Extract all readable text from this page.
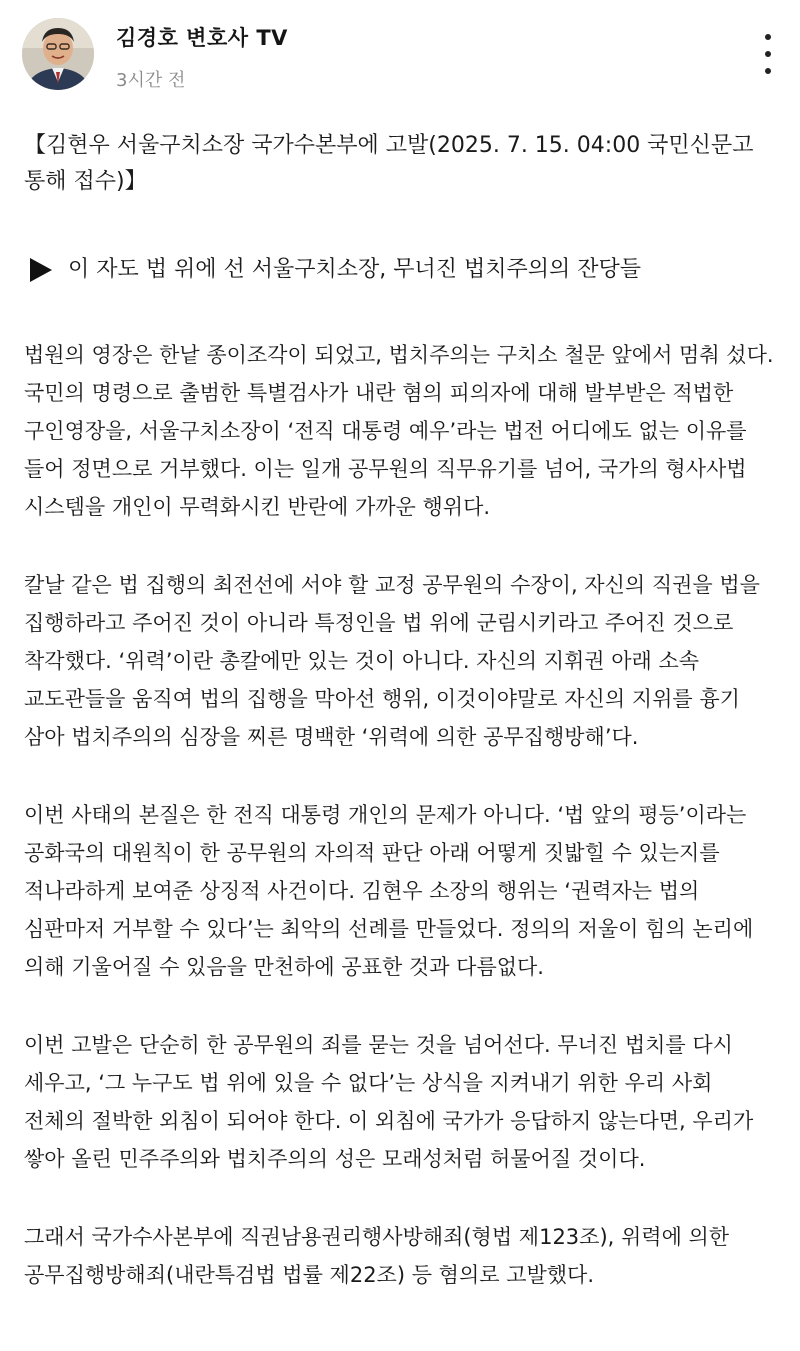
김경호 변호사 TV
3시간 전

【김현우 서울구치소장 국가수본부에 고발(2025. 7. 15. 04:00 국민신문고 통해 접수)】

이 자도 법 위에 선 서울구치소장, 무너진 법치주의의 잔당들

법원의 영장은 한낱 종이조각이 되었고, 법치주의는 구치소 철문 앞에서 멈춰 섰다. 국민의 명령으로 출범한 특별검사가 내란 혐의 피의자에 대해 발부받은 적법한 구인영장을, 서울구치소장이 ‘전직 대통령 예우’라는 법전 어디에도 없는 이유를 들어 정면으로 거부했다. 이는 일개 공무원의 직무유기를 넘어, 국가의 형사사법 시스템을 개인이 무력화시킨 반란에 가까운 행위다.

칼날 같은 법 집행의 최전선에 서야 할 교정 공무원의 수장이, 자신의 직권을 법을 집행하라고 주어진 것이 아니라 특정인을 법 위에 군림시키라고 주어진 것으로 착각했다. ‘위력’이란 총칼에만 있는 것이 아니다. 자신의 지휘권 아래 소속 교도관들을 움직여 법의 집행을 막아선 행위, 이것이야말로 자신의 지위를 흉기 삼아 법치주의의 심장을 찌른 명백한 ‘위력에 의한 공무집행방해’다.

이번 사태의 본질은 한 전직 대통령 개인의 문제가 아니다. ‘법 앞의 평등’이라는 공화국의 대원칙이 한 공무원의 자의적 판단 아래 어떻게 짓밟힐 수 있는지를 적나라하게 보여준 상징적 사건이다. 김현우 소장의 행위는 ‘권력자는 법의 심판마저 거부할 수 있다’는 최악의 선례를 만들었다. 정의의 저울이 힘의 논리에 의해 기울어질 수 있음을 만천하에 공표한 것과 다름없다.

이번 고발은 단순히 한 공무원의 죄를 묻는 것을 넘어선다. 무너진 법치를 다시 세우고, ‘그 누구도 법 위에 있을 수 없다’는 상식을 지켜내기 위한 우리 사회 전체의 절박한 외침이 되어야 한다. 이 외침에 국가가 응답하지 않는다면, 우리가 쌓아 올린 민주주의와 법치주의의 성은 모래성처럼 허물어질 것이다.

그래서 국가수사본부에 직권남용권리행사방해죄(형법 제123조), 위력에 의한 공무집행방해죄(내란특검법 법률 제22조) 등 혐의로 고발했다.
